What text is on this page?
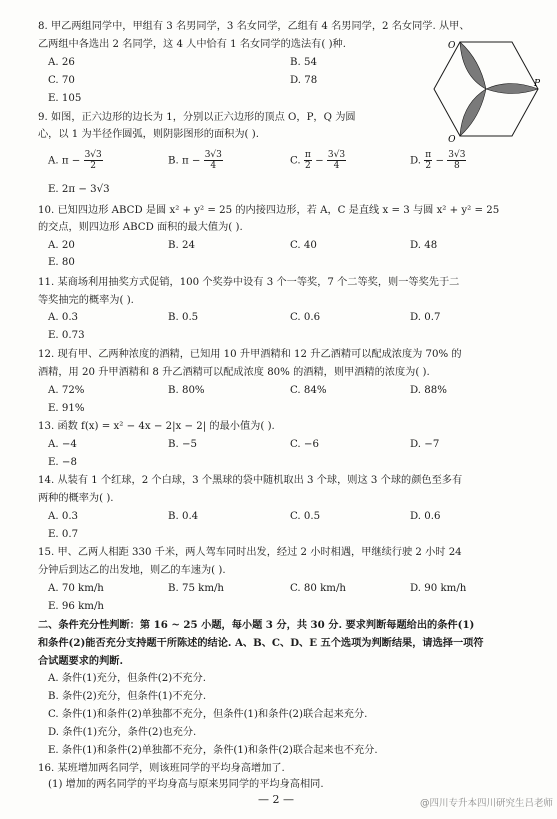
8. 甲乙两组同学中，甲组有 3 名男同学，3 名女同学，乙组有 4 名男同学，2 名女同学. 从甲、
乙两组中各选出 2 名同学，这 4 人中恰有 1 名女同学的选法有( )种.
A. 26	B. 54
C. 70	D. 78
E. 105
O
P
Q
9. 如图，正六边形的边长为 1，分别以正六边形的顶点 O，P，Q 为圆
心，以 1 为半径作圆弧，则阴影图形的面积为( ).
A. $\pi - \frac{3√3}{2}$	B. $\pi - \frac{3√3}{4}$	C. $\frac{\pi}{2} - \frac{3√3}{4}$	D. $\frac{\pi}{2} - \frac{3√3}{8}$
E. 2π − 3√3
10. 已知四边形 ABCD 是圆 x² + y² = 25 的内接四边形，若 A，C 是直线 x = 3 与圆 x² + y² = 25
的交点，则四边形 ABCD 面积的最大值为( ).
A. 20	B. 24	C. 40	D. 48
E. 80
11. 某商场利用抽奖方式促销，100 个奖券中设有 3 个一等奖，7 个二等奖，则一等奖先于二
等奖抽完的概率为( ).
A. 0.3	B. 0.5	C. 0.6	D. 0.7
E. 0.73
12. 现有甲、乙两种浓度的酒精，已知用 10 升甲酒精和 12 升乙酒精可以配成浓度为 70% 的
酒精，用 20 升甲酒精和 8 升乙酒精可以配成浓度 80% 的酒精，则甲酒精的浓度为( ).
A. 72%	B. 80%	C. 84%	D. 88%
E. 91%
13. 函数 f(x) = x² − 4x − 2|x − 2| 的最小值为( ).
A. −4	B. −5	C. −6	D. −7
E. −8
14. 从装有 1 个红球，2 个白球，3 个黑球的袋中随机取出 3 个球，则这 3 个球的颜色至多有
两种的概率为( ).
A. 0.3	B. 0.4	C. 0.5	D. 0.6
E. 0.7
15. 甲、乙两人相距 330 千米，两人驾车同时出发，经过 2 小时相遇，甲继续行驶 2 小时 24
分钟后到达乙的出发地，则乙的车速为( ).
A. 70 km/h	B. 75 km/h	C. 80 km/h	D. 90 km/h
E. 96 km/h
二、条件充分性判断：第 16 ~ 25 小题，每小题 3 分，共 30 分. 要求判断每题给出的条件(1)
和条件(2)能否充分支持题干所陈述的结论. A、B、C、D、E 五个选项为判断结果，请选择一项符
合试题要求的判断.
A. 条件(1)充分，但条件(2)不充分.
B. 条件(2)充分，但条件(1)不充分.
C. 条件(1)和条件(2)单独都不充分，但条件(1)和条件(2)联合起来充分.
D. 条件(1)充分，条件(2)也充分.
E. 条件(1)和条件(2)单独都不充分，条件(1)和条件(2)联合起来也不充分.
16. 某班增加两名同学，则该班同学的平均身高增加了.
(1) 增加的两名同学的平均身高与原来男同学的平均身高相同.
— 2 —	@四川专升本四川研究生吕老师
